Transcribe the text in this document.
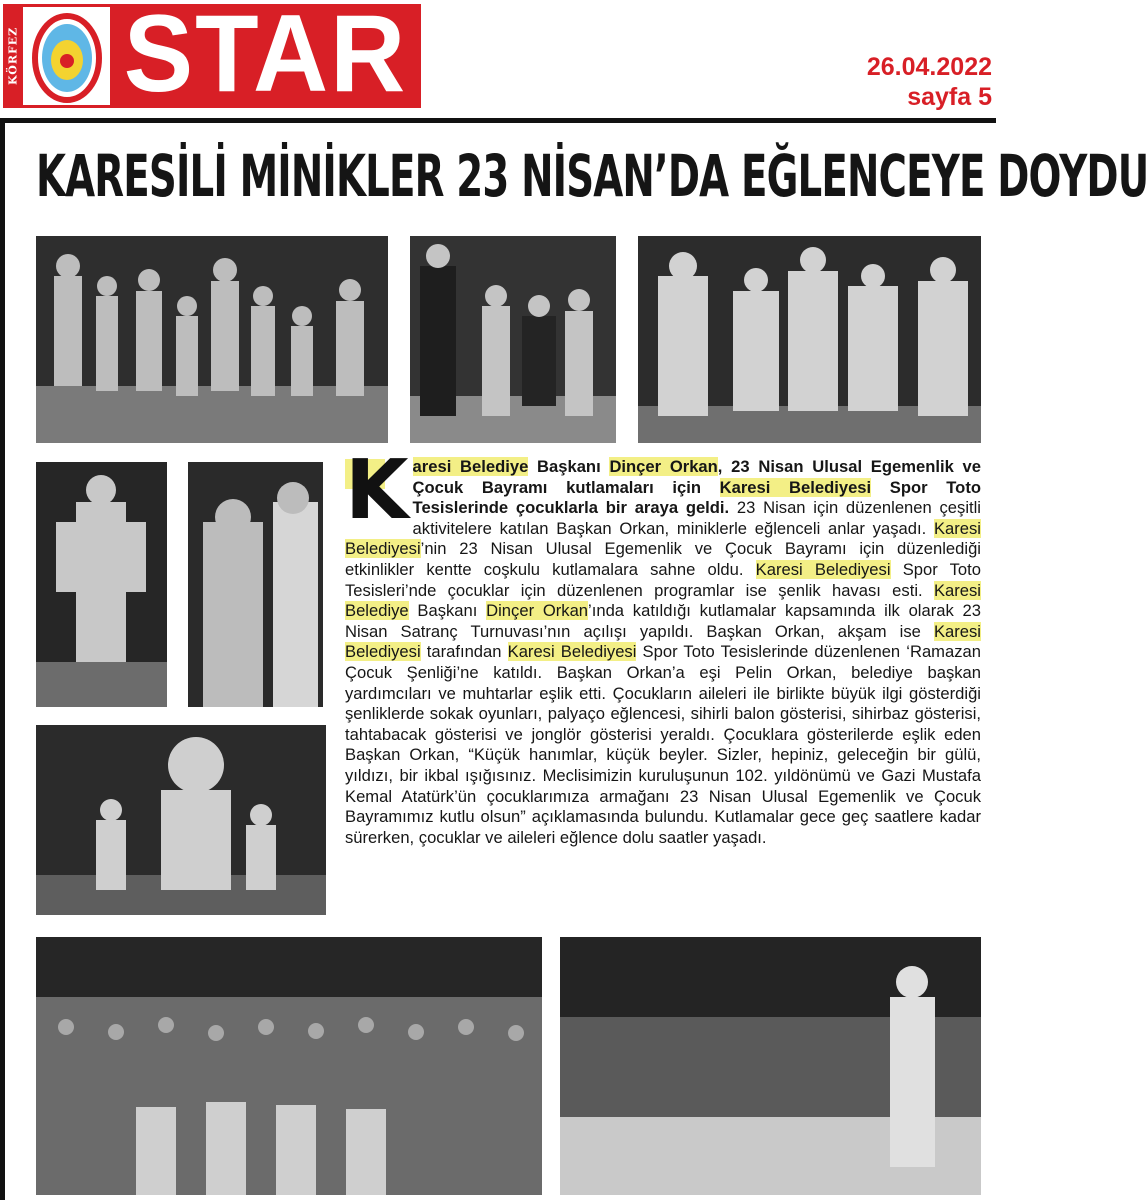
KÖRFEZ STAR	26.04.2022
sayfa 5
KARESİLİ MİNİKLER 23 NİSAN’DA EĞLENCEYE DOYDU
K aresi Belediye Başkanı Dinçer Orkan, 23 Nisan Ulusal Egemenlik ve Çocuk Bayramı kutlamaları için Karesi Belediyesi Spor Toto Tesislerinde çocuklarla bir araya geldi. 23 Nisan için düzenlenen çeşitli aktivitelere katılan Başkan Orkan, miniklerle eğlenceli anlar yaşadı. Karesi Belediyesi’nin 23 Nisan Ulusal Egemenlik ve Çocuk Bayramı için düzenlediği etkinlikler kentte coşkulu kutlamalara sahne oldu. Karesi Belediyesi Spor Toto Tesisleri’nde çocuklar için düzenlenen programlar ise şenlik havası esti. Karesi Belediye Başkanı Dinçer Orkan’ında katıldığı kutlamalar kapsamında ilk olarak 23 Nisan Satranç Turnuvası’nın açılışı yapıldı. Başkan Orkan, akşam ise Karesi Belediyesi tarafından Karesi Belediyesi Spor Toto Tesislerinde düzenlenen ‘Ramazan Çocuk Şenliği’ne katıldı. Başkan Orkan’a eşi Pelin Orkan, belediye başkan yardımcıları ve muhtarlar eşlik etti. Çocukların aileleri ile birlikte büyük ilgi gösterdiği şenliklerde sokak oyunları, palyaço eğlencesi, sihirli balon gösterisi, sihirbaz gösterisi, tahtabacak gösterisi ve jonglör gösterisi yeraldı. Çocuklara gösterilerde eşlik eden Başkan Orkan, “Küçük hanımlar, küçük beyler. Sizler, hepiniz, geleceğin bir gülü, yıldızı, bir ikbal ışığısınız. Meclisimizin kuruluşunun 102. yıldönümü ve Gazi Mustafa Kemal Atatürk’ün çocuklarımıza armağanı 23 Nisan Ulusal Egemenlik ve Çocuk Bayramımız kutlu olsun” açıklamasında bulundu. Kutlamalar gece geç saatlere kadar sürerken, çocuklar ve aileleri eğlence dolu saatler yaşadı.
